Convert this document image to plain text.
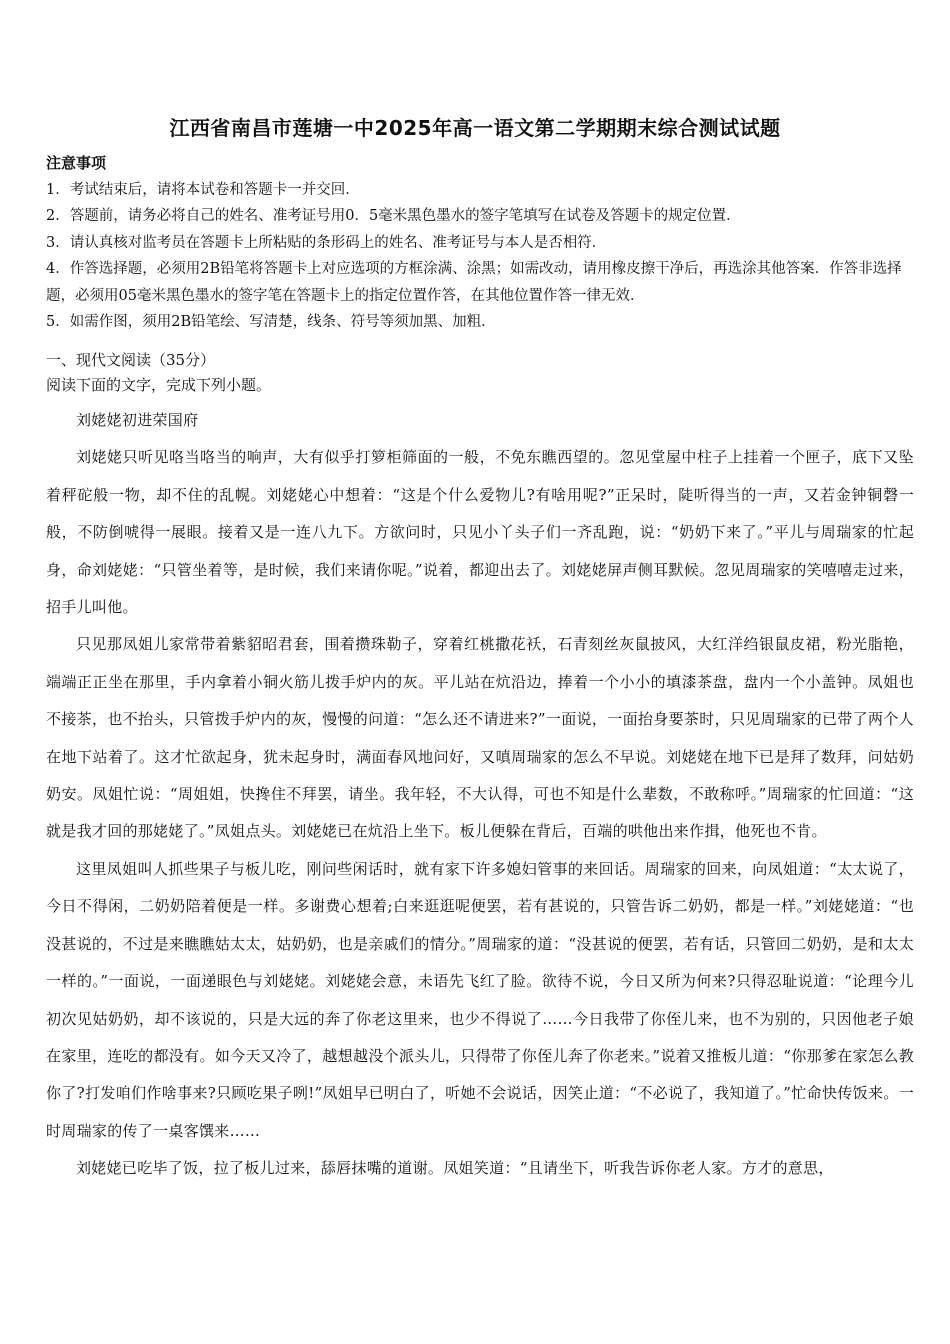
江西省南昌市莲塘一中2025年高一语文第二学期期末综合测试试题

注意事项

1．考试结束后，请将本试卷和答题卡一并交回．

2．答题前，请务必将自己的姓名、准考证号用0．5毫米黑色墨水的签字笔填写在试卷及答题卡的规定位置．

3．请认真核对监考员在答题卡上所粘贴的条形码上的姓名、准考证号与本人是否相符．

4．作答选择题，必须用2B铅笔将答题卡上对应选项的方框涂满、涂黑；如需改动，请用橡皮擦干净后，再选涂其他答案．作答非选择题，必须用05毫米黑色墨水的签字笔在答题卡上的指定位置作答，在其他位置作答一律无效．

5．如需作图，须用2B铅笔绘、写清楚，线条、符号等须加黑、加粗．

一、现代文阅读（35分）
阅读下面的文字，完成下列小题。

刘姥姥初进荣国府

刘姥姥只听见咯当咯当的响声，大有似乎打箩柜筛面的一般，不免东瞧西望的。忽见堂屋中柱子上挂着一个匣子，底下又坠着秤砣般一物，却不住的乱幌。刘姥姥心中想着：“这是个什么爱物儿?有啥用呢?”正呆时，陡听得当的一声，又若金钟铜磬一般，不防倒唬得一展眼。接着又是一连八九下。方欲问时，只见小丫头子们一齐乱跑，说：“奶奶下来了。”平儿与周瑞家的忙起身，命刘姥姥：“只管坐着等，是时候，我们来请你呢。”说着，都迎出去了。刘姥姥屏声侧耳默候。忽见周瑞家的笑嘻嘻走过来，招手儿叫他。

只见那凤姐儿家常带着紫貂昭君套，围着攒珠勒子，穿着红桃撒花袄，石青刻丝灰鼠披风，大红洋绉银鼠皮裙，粉光脂艳，端端正正坐在那里，手内拿着小铜火筋儿拨手炉内的灰。平儿站在炕沿边，捧着一个小小的填漆茶盘，盘内一个小盖钟。凤姐也不接茶，也不抬头，只管拨手炉内的灰，慢慢的问道：“怎么还不请进来?”一面说，一面抬身要茶时，只见周瑞家的已带了两个人在地下站着了。这才忙欲起身，犹未起身时，满面春风地问好，又嗔周瑞家的怎么不早说。刘姥姥在地下已是拜了数拜，问姑奶奶安。凤姐忙说：“周姐姐，快搀住不拜罢，请坐。我年轻，不大认得，可也不知是什么辈数，不敢称呼。”周瑞家的忙回道：“这就是我才回的那姥姥了。”凤姐点头。刘姥姥已在炕沿上坐下。板儿便躲在背后，百端的哄他出来作揖，他死也不肯。

这里凤姐叫人抓些果子与板儿吃，刚问些闲话时，就有家下许多媳妇管事的来回话。周瑞家的回来，向凤姐道：“太太说了，今日不得闲，二奶奶陪着便是一样。多谢费心想着;白来逛逛呢便罢，若有甚说的，只管告诉二奶奶，都是一样。”刘姥姥道：“也没甚说的，不过是来瞧瞧姑太太，姑奶奶，也是亲戚们的情分。”周瑞家的道：“没甚说的便罢，若有话，只管回二奶奶，是和太太一样的。”一面说，一面递眼色与刘姥姥。刘姥姥会意，未语先飞红了脸。欲待不说，今日又所为何来?只得忍耻说道：“论理今儿初次见姑奶奶，却不该说的，只是大远的奔了你老这里来，也少不得说了……今日我带了你侄儿来，也不为别的，只因他老子娘在家里，连吃的都没有。如今天又冷了，越想越没个派头儿，只得带了你侄儿奔了你老来。”说着又推板儿道：“你那爹在家怎么教你了?打发咱们作啥事来?只顾吃果子咧!”凤姐早已明白了，听她不会说话，因笑止道：“不必说了，我知道了。”忙命快传饭来。一时周瑞家的传了一桌客馔来……

刘姥姥已吃毕了饭，拉了板儿过来，舔唇抹嘴的道谢。凤姐笑道：“且请坐下，听我告诉你老人家。方才的意思，
